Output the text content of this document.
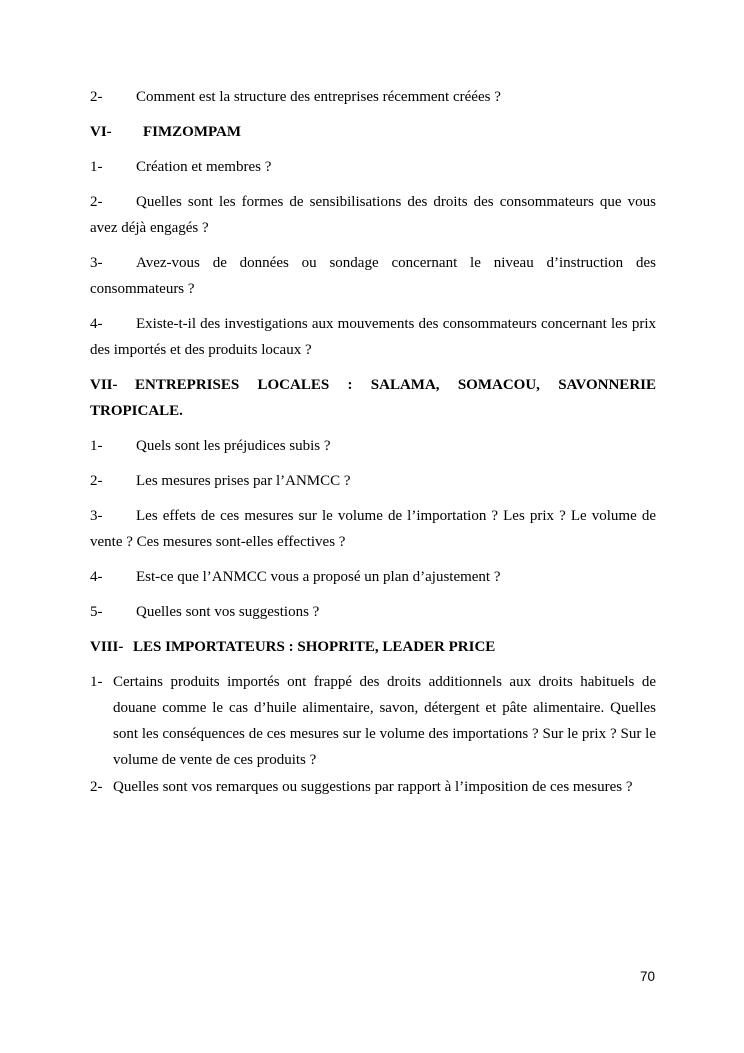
2- Comment est la structure des entreprises récemment créées ?

VI- FIMZOMPAM

1- Création et membres ?

2- Quelles sont les formes de sensibilisations des droits des consommateurs que vous avez déjà engagés ?

3- Avez-vous de données ou sondage concernant le niveau d’instruction des consommateurs ?

4- Existe-t-il des investigations aux mouvements des consommateurs concernant les prix des importés et des produits locaux ?

VII- ENTREPRISES LOCALES : SALAMA, SOMACOU, SAVONNERIE TROPICALE.

1- Quels sont les préjudices subis ?

2- Les mesures prises par l’ANMCC ?

3- Les effets de ces mesures sur le volume de l’importation ? Les prix ? Le volume de vente ? Ces mesures sont-elles effectives ?

4- Est-ce que l’ANMCC vous a proposé un plan d’ajustement ?

5- Quelles sont vos suggestions ?

VIII- LES IMPORTATEURS : SHOPRITE, LEADER PRICE

1- Certains produits importés ont frappé des droits additionnels aux droits habituels de douane comme le cas d’huile alimentaire, savon, détergent et pâte alimentaire. Quelles sont les conséquences de ces mesures sur le volume des importations ? Sur le prix ? Sur le volume de vente de ces produits ?

2- Quelles sont vos remarques ou suggestions par rapport à l’imposition de ces mesures ?

70
